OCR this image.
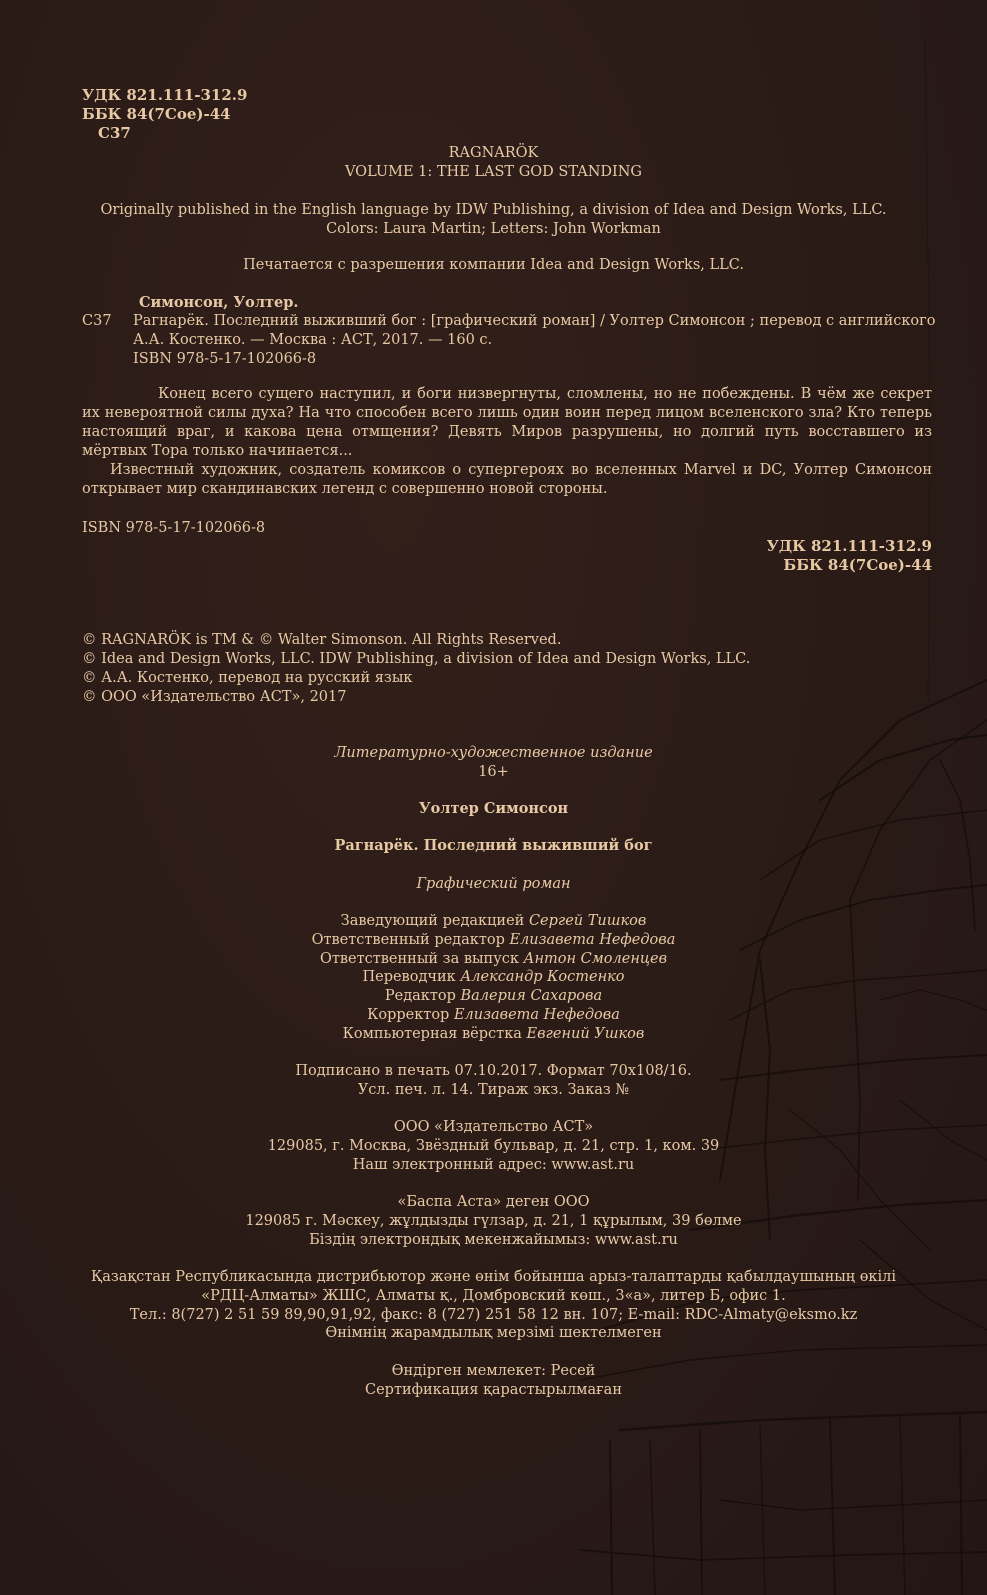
УДК 821.111-312.9
ББК 84(7Сое)-44
С37
RAGNARÖK
VOLUME 1: THE LAST GOD STANDING
Originally published in the English language by IDW Publishing, a division of Idea and Design Works, LLC.
Colors: Laura Martin; Letters: John Workman
Печатается с разрешения компании Idea and Design Works, LLC.
Симонсон, Уолтер.
С37	Рагнарёк. Последний выживший бог : [графический роман] / Уолтер Симонсон ; перевод с английского
А.А. Костенко. — Москва : АСТ, 2017. — 160 с.
ISBN 978-5-17-102066-8

Конец всего сущего наступил, и боги низвергнуты, сломлены, но не побеждены. В чём же секрет их невероятной силы духа? На что способен всего лишь один воин перед лицом вселенского зла? Кто теперь настоящий враг, и какова цена отмщения? Девять Миров разрушены, но долгий путь восставшего из мёртвых Тора только начинается...

Известный художник, создатель комиксов о супергероях во вселенных Marvel и DC, Уолтер Симонсон открывает мир скандинавских легенд с совершенно новой стороны.

ISBN 978-5-17-102066-8
УДК 821.111-312.9
ББК 84(7Сое)-44
© RAGNARÖK is TM & © Walter Simonson. All Rights Reserved.
© Idea and Design Works, LLC. IDW Publishing, a division of Idea and Design Works, LLC.
© А.А. Костенко, перевод на русский язык
© ООО «Издательство АСТ», 2017
Литературно-художественное издание
16+
Уолтер Симонсон
Рагнарёк. Последний выживший бог
Графический роман
Заведующий редакцией Сергей Тишков
Ответственный редактор Елизавета Нефедова
Ответственный за выпуск Антон Смоленцев
Переводчик Александр Костенко
Редактор Валерия Сахарова
Корректор Елизавета Нефедова
Компьютерная вёрстка Евгений Ушков
Подписано в печать 07.10.2017. Формат 70x108/16.
Усл. печ. л. 14. Тираж экз. Заказ №
ООО «Издательство АСТ»
129085, г. Москва, Звёздный бульвар, д. 21, стр. 1, ком. 39
Наш электронный адрес: www.ast.ru
«Баспа Аста» деген ООО
129085 г. Мәскеу, жұлдызды гүлзар, д. 21, 1 құрылым, 39 бөлме
Біздің электрондық мекенжайымыз: www.ast.ru
Қазақстан Республикасында дистрибьютор және өнім бойынша арыз-талаптарды қабылдаушының өкілі
«РДЦ-Алматы» ЖШС, Алматы қ., Домбровский көш., 3«а», литер Б, офис 1.
Тел.: 8(727) 2 51 59 89,90,91,92, факс: 8 (727) 251 58 12 вн. 107; E-mail: RDC-Almaty@eksmo.kz
Өнімнің жарамдылық мерзімі шектелмеген
Өндірген мемлекет: Ресей
Сертификация қарастырылмаған
